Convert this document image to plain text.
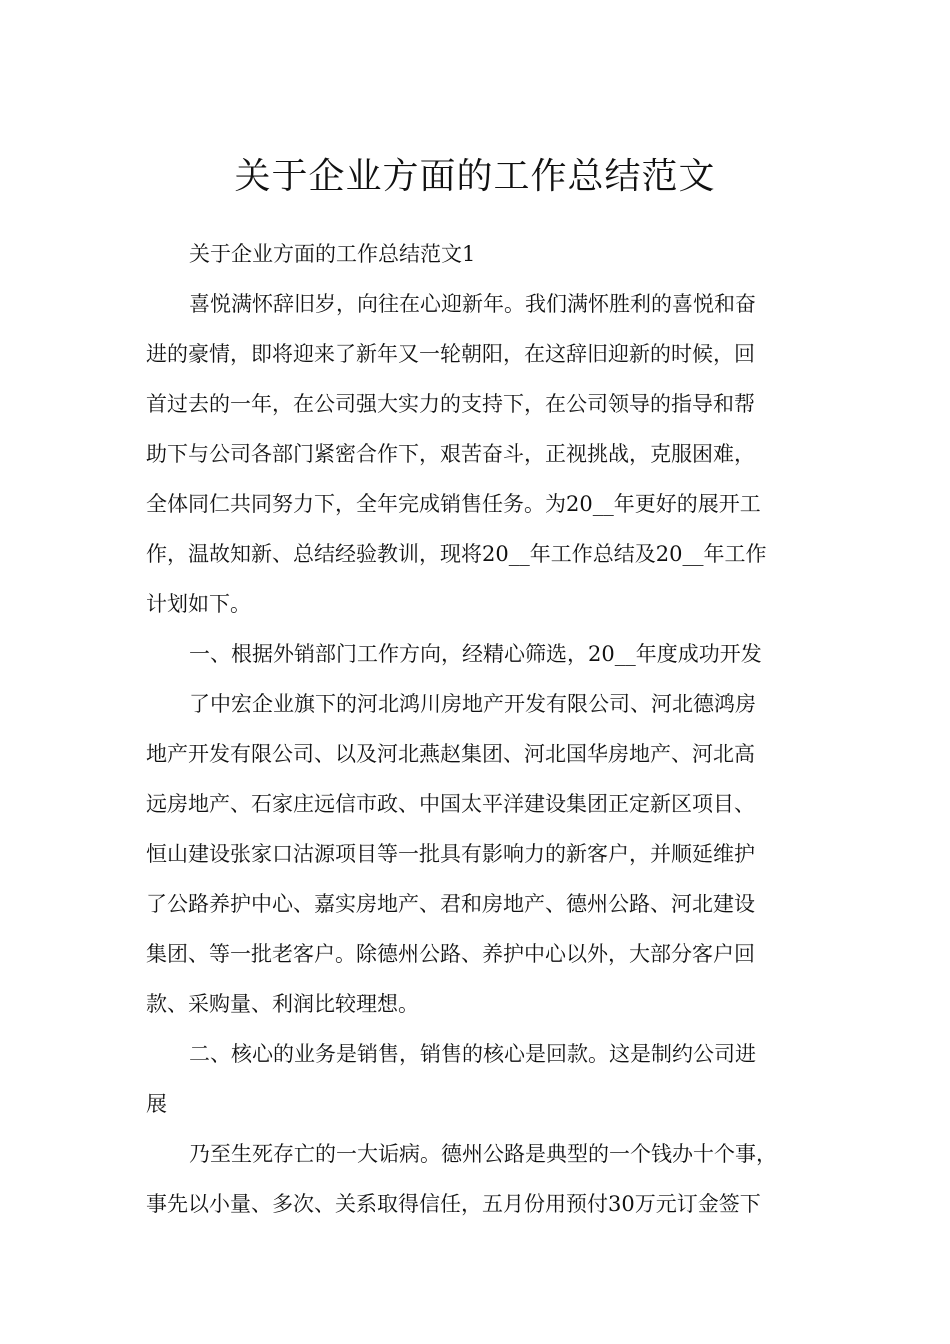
关于企业方面的工作总结范文
关于企业方面的工作总结范文1
喜悦满怀辞旧岁，向往在心迎新年。我们满怀胜利的喜悦和奋
进的豪情，即将迎来了新年又一轮朝阳，在这辞旧迎新的时候，回
首过去的一年，在公司强大实力的支持下，在公司领导的指导和帮
助下与公司各部门紧密合作下，艰苦奋斗，正视挑战，克服困难，
全体同仁共同努力下，全年完成销售任务。为20__年更好的展开工
作，温故知新、总结经验教训，现将20__年工作总结及20__年工作
计划如下。
一、根据外销部门工作方向，经精心筛选，20__年度成功开发
了中宏企业旗下的河北鸿川房地产开发有限公司、河北德鸿房
地产开发有限公司、以及河北燕赵集团、河北国华房地产、河北高
远房地产、石家庄远信市政、中国太平洋建设集团正定新区项目、
恒山建设张家口沽源项目等一批具有影响力的新客户，并顺延维护
了公路养护中心、嘉实房地产、君和房地产、德州公路、河北建设
集团、等一批老客户。除德州公路、养护中心以外，大部分客户回
款、采购量、利润比较理想。
二、核心的业务是销售，销售的核心是回款。这是制约公司进
展
乃至生死存亡的一大诟病。德州公路是典型的一个钱办十个事，
事先以小量、多次、关系取得信任，五月份用预付30万元订金签下
